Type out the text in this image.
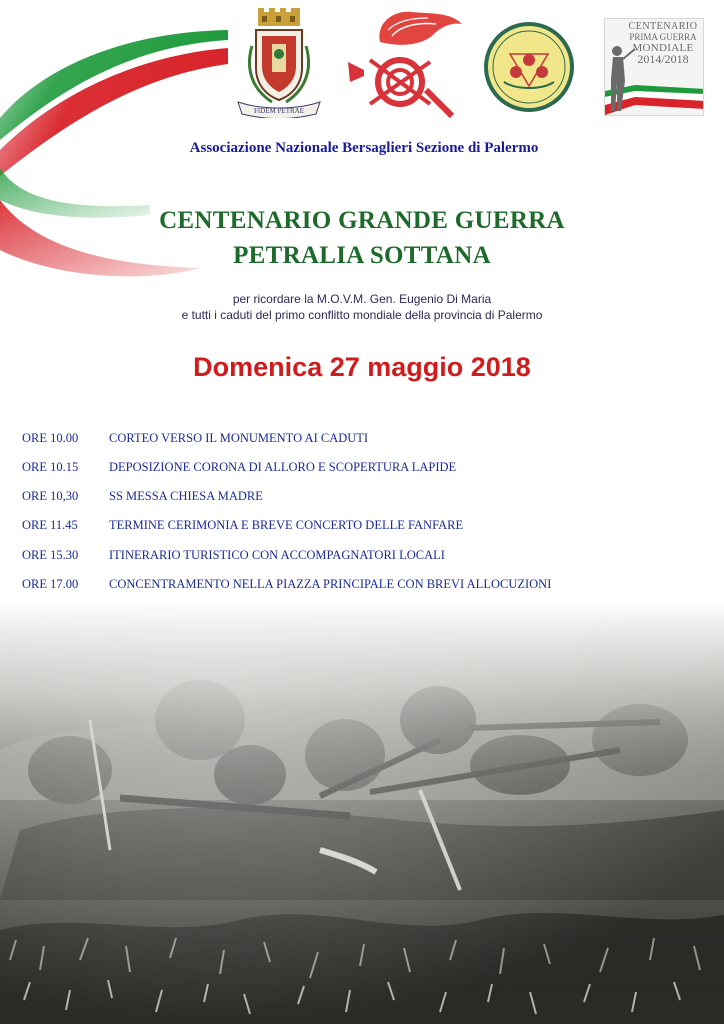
FIDEM PETRAE
CENTENARIO
PRIMA GUERRA
MONDIALE
2014/2018
Associazione Nazionale Bersaglieri Sezione di Palermo
CENTENARIO GRANDE GUERRA
PETRALIA SOTTANA
per ricordare la M.O.V.M. Gen. Eugenio Di Maria
e tutti i caduti del primo conflitto mondiale della provincia di Palermo
Domenica 27 maggio 2018
ORE 10.00 CORTEO VERSO IL MONUMENTO AI CADUTI
ORE 10.15 DEPOSIZIONE CORONA DI ALLORO E SCOPERTURA LAPIDE
ORE 10,30 SS MESSA CHIESA MADRE
ORE 11.45 TERMINE CERIMONIA E BREVE CONCERTO DELLE FANFARE
ORE 15.30 ITINERARIO TURISTICO CON ACCOMPAGNATORI LOCALI
ORE 17.00 CONCENTRAMENTO NELLA PIAZZA PRINCIPALE CON BREVI ALLOCUZIONI
